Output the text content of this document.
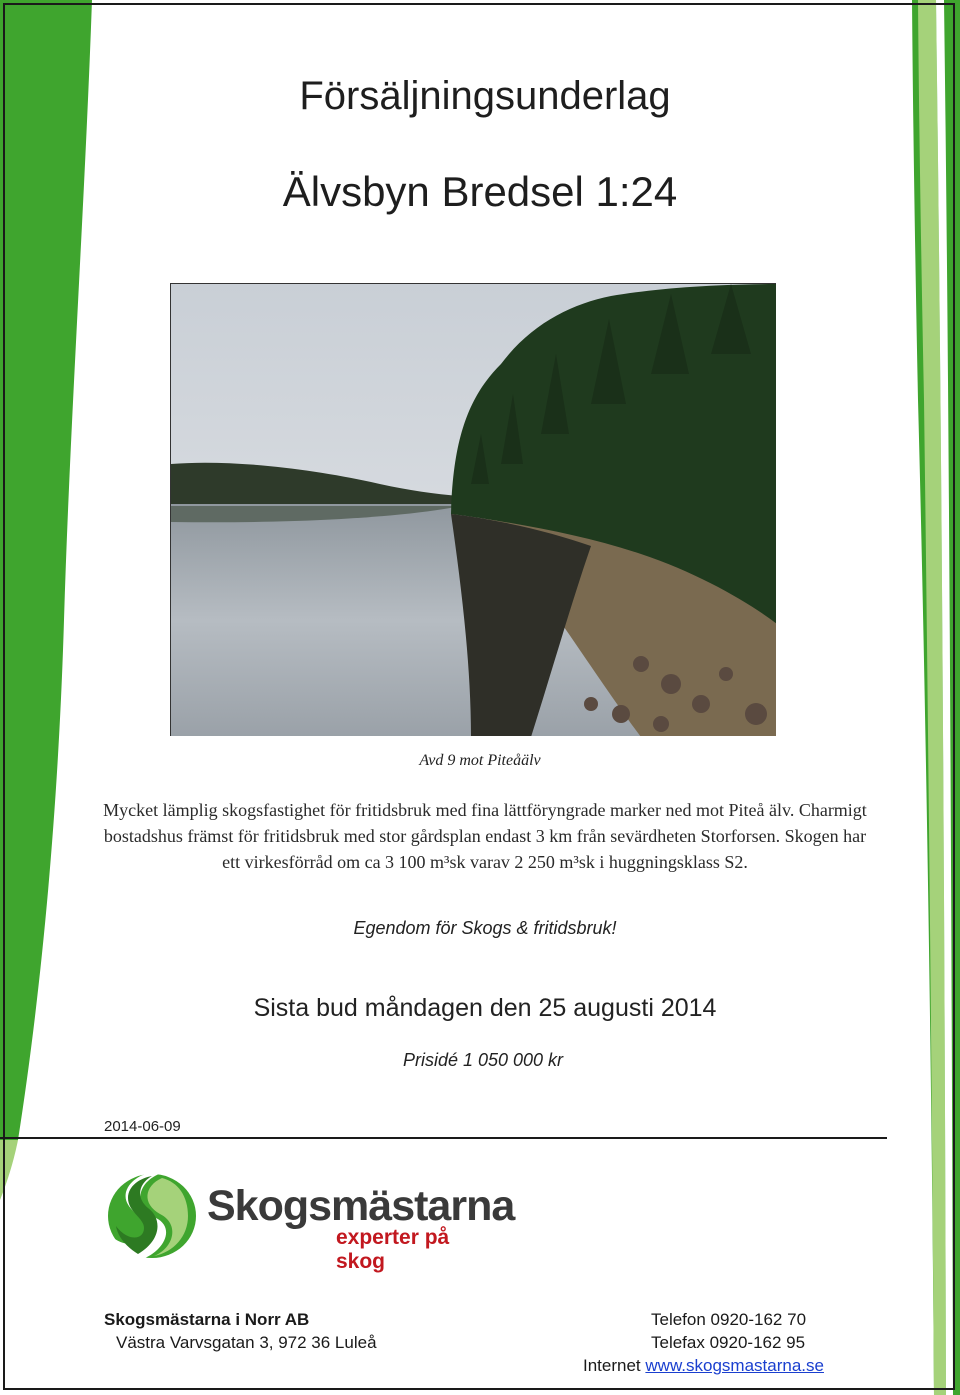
Försäljningsunderlag
Älvsbyn Bredsel 1:24
Avd 9 mot Piteåälv
Mycket lämplig skogsfastighet för fritidsbruk med fina lättföryngrade marker ned mot Piteå älv. Charmigt bostadshus främst för fritidsbruk med stor gårdsplan endast 3 km från sevärdheten Storforsen. Skogen har ett virkesförråd om ca 3 100 m³sk varav 2 250 m³sk i huggningsklass S2.
Egendom för Skogs & fritidsbruk!
Sista bud måndagen den 25 augusti 2014
Prisidé 1 050 000 kr
2014-06-09
Skogsmästarna
experter på skog
Skogsmästarna i Norr AB
Västra Varvsgatan 3, 972 36 Luleå
Telefon 0920-162 70
Telefax 0920-162 95
Internet www.skogsmastarna.se
